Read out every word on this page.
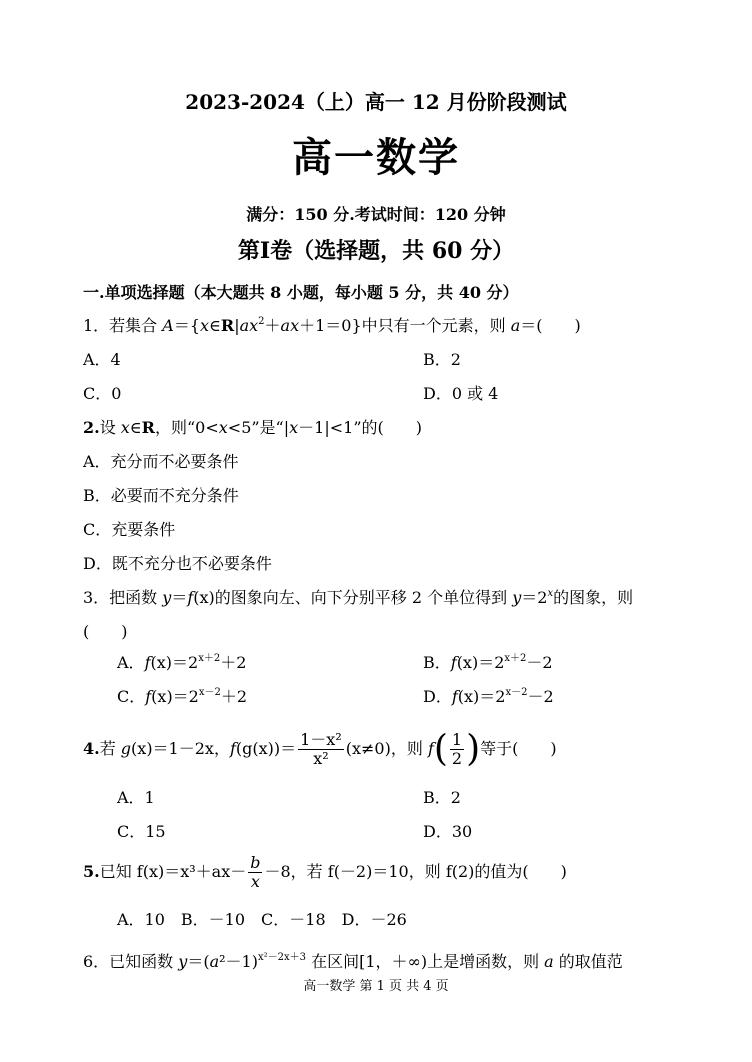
2023-2024（上）高一 12 月份阶段测试
高一数学
满分：150 分.考试时间：120 分钟
第Ⅰ卷（选择题，共 60 分）
一.单项选择题（本大题共 8 小题，每小题 5 分，共 40 分）
1．若集合 $A=\{x\in R|ax^2+ax+1=0\}$中只有一个元素，则 a＝(　　)
A．4	B．2
C．0	D．0 或 4
2.设 x∈R，则“0<x<5”是“|x－1|<1”的(　　)
A．充分而不必要条件
B．必要而不充分条件
C．充要条件
D．既不充分也不必要条件
3．把函数 y＝f(x)的图象向左、向下分别平移 2 个单位得到 $y=2^x$的图象，则
(　　)
A．$f(x)=2^{x+2}+2$	B．$f(x)=2^{x+2}-2$
C．$f(x)=2^{x-2}+2$	D．$f(x)=2^{x-2}-2$
4.若 g(x)＝1－2x，$f(g(x))= \frac{\text{1－x²}}{\text{x²}} (x\ne 0)$，则 $f( \frac{1}{2}$ )等于(　　)
A．1	B．2
C．15	D．30
5.已知 $f(x)=x^3+ax- \frac{b}{x} -8$，若 f(－2)＝10，则 f(2)的值为(　　)
A．10　B．－10　C．－18　D．－26
6．已知函数 $y=(a^2-1)^{x^2-2x+3}$ 在区间[1，＋∞)上是增函数，则 a 的取值范
高一数学 第 1 页 共 4 页
